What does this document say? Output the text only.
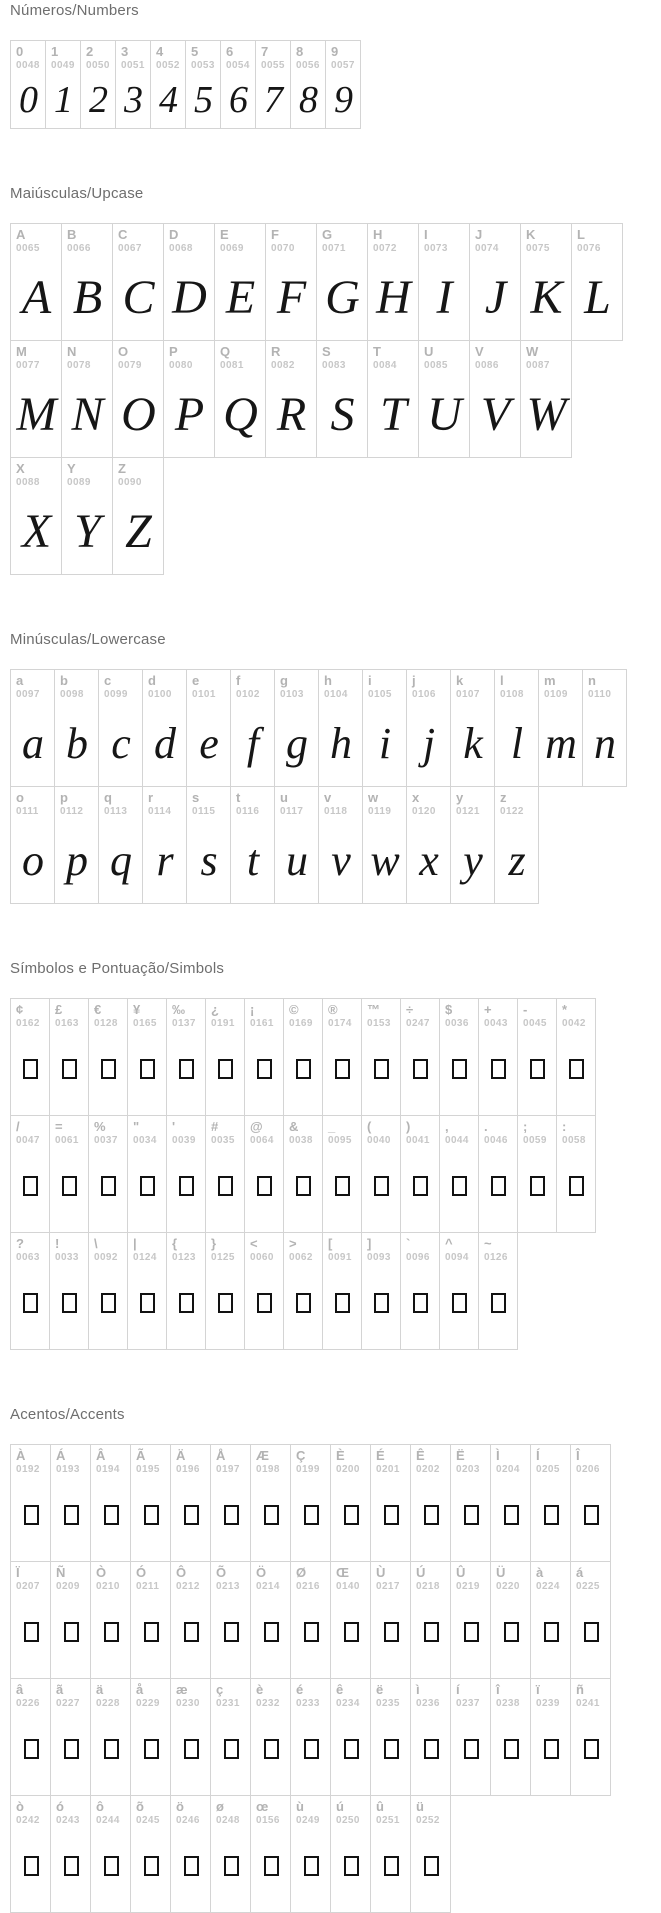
Números/Numbers
0
0048
0
1
0049
1
2
0050
2
3
0051
3
4
0052
4
5
0053
5
6
0054
6
7
0055
7
8
0056
8
9
0057
9
Maiúsculas/Upcase
A
0065
A
B
0066
B
C
0067
C
D
0068
D
E
0069
E
F
0070
F
G
0071
G
H
0072
H
I
0073
I
J
0074
J
K
0075
K
L
0076
L
M
0077
M
N
0078
N
O
0079
O
P
0080
P
Q
0081
Q
R
0082
R
S
0083
S
T
0084
T
U
0085
U
V
0086
V
W
0087
W
X
0088
X
Y
0089
Y
Z
0090
Z
Minúsculas/Lowercase
a
0097
a
b
0098
b
c
0099
c
d
0100
d
e
0101
e
f
0102
f
g
0103
g
h
0104
h
i
0105
i
j
0106
j
k
0107
k
l
0108
l
m
0109
m
n
0110
n
o
0111
o
p
0112
p
q
0113
q
r
0114
r
s
0115
s
t
0116
t
u
0117
u
v
0118
v
w
0119
w
x
0120
x
y
0121
y
z
0122
z
Símbolos e Pontuação/Simbols
¢
0162
£
0163
€
0128
¥
0165
‰
0137
¿
0191
¡
0161
©
0169
®
0174
™
0153
÷
0247
$
0036
+
0043
-
0045
*
0042
/
0047
=
0061
%
0037
"
0034
'
0039
#
0035
@
0064
&
0038
_
0095
(
0040
)
0041
,
0044
.
0046
;
0059
:
0058
?
0063
!
0033
\
0092
|
0124
{
0123
}
0125
<
0060
>
0062
[
0091
]
0093
`
0096
^
0094
~
0126
Acentos/Accents
À
0192
Á
0193
Â
0194
Ã
0195
Ä
0196
Å
0197
Æ
0198
Ç
0199
È
0200
É
0201
Ê
0202
Ë
0203
Ì
0204
Í
0205
Î
0206
Ï
0207
Ñ
0209
Ò
0210
Ó
0211
Ô
0212
Õ
0213
Ö
0214
Ø
0216
Œ
0140
Ù
0217
Ú
0218
Û
0219
Ü
0220
à
0224
á
0225
â
0226
ã
0227
ä
0228
å
0229
æ
0230
ç
0231
è
0232
é
0233
ê
0234
ë
0235
ì
0236
í
0237
î
0238
ï
0239
ñ
0241
ò
0242
ó
0243
ô
0244
õ
0245
ö
0246
ø
0248
œ
0156
ù
0249
ú
0250
û
0251
ü
0252
